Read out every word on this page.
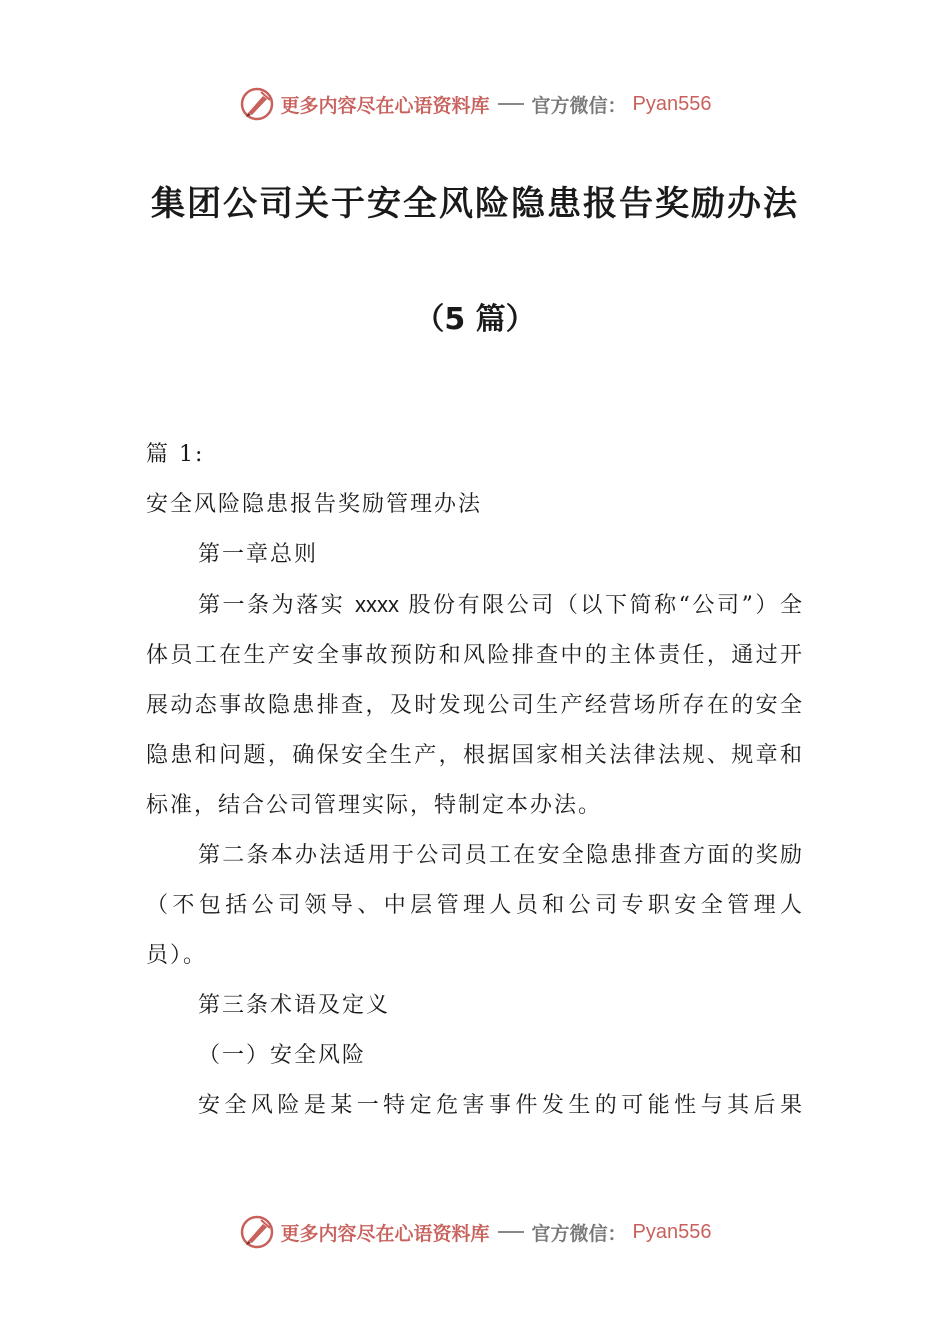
更多内容尽在心语资料库 官方微信： Pyan556
集团公司关于安全风险隐患报告奖励办法
（5 篇）

篇 1:

安全风险隐患报告奖励管理办法

第一章总则

第一条为落实 xxxx 股份有限公司（以下简称“公司”）全体员工在生产安全事故预防和风险排查中的主体责任，通过开展动态事故隐患排查，及时发现公司生产经营场所存在的安全隐患和问题，确保安全生产，根据国家相关法律法规、规章和标准，结合公司管理实际，特制定本办法。

第二条本办法适用于公司员工在安全隐患排查方面的奖励（不包括公司领导、中层管理人员和公司专职安全管理人员）。

第三条术语及定义

（一）安全风险

安全风险是某一特定危害事件发生的可能性与其后果

更多内容尽在心语资料库 官方微信： Pyan556
